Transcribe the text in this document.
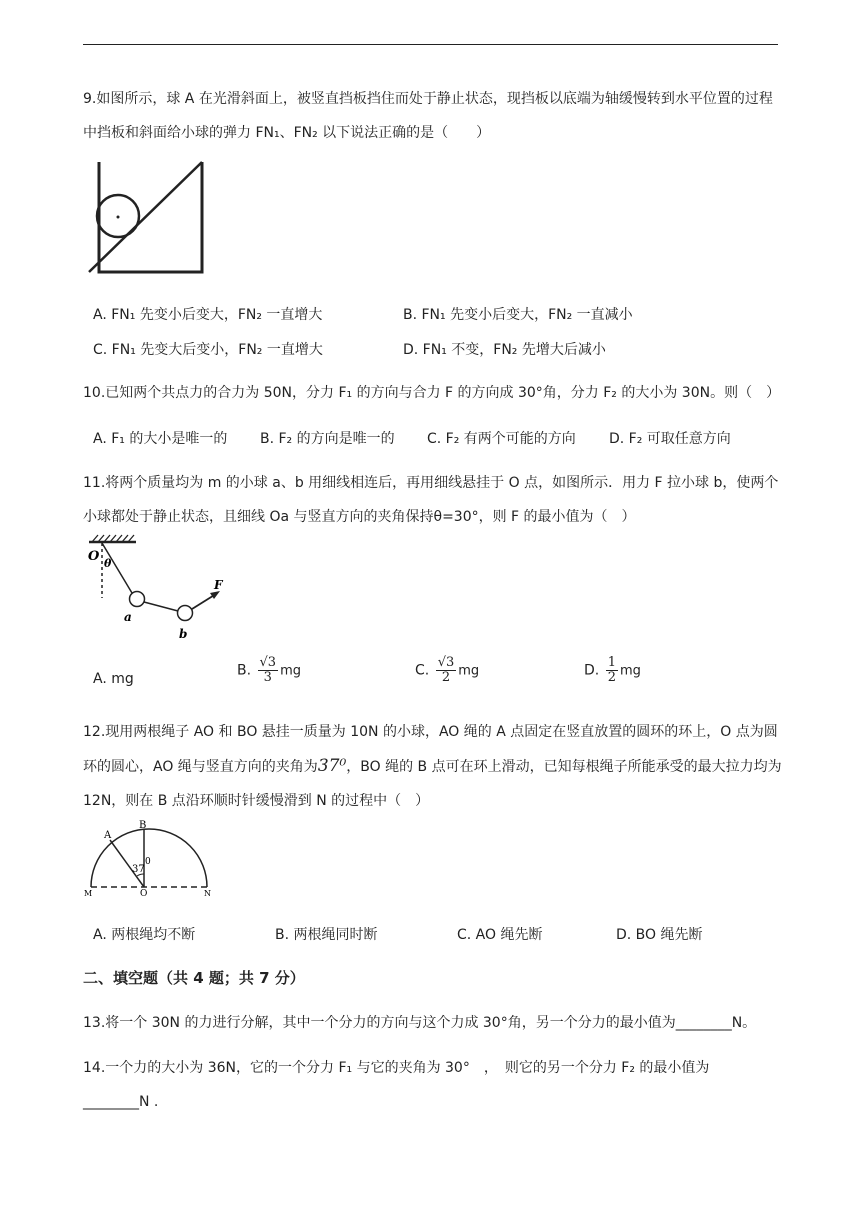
9.如图所示，球 A 在光滑斜面上，被竖直挡板挡住而处于静止状态，现挡板以底端为轴缓慢转到水平位置的过程中挡板和斜面给小球的弹力 FN₁、FN₂ 以下说法正确的是（　　）
A. FN₁ 先变小后变大，FN₂ 一直增大	B. FN₁ 先变小后变大，FN₂ 一直减小
C. FN₁ 先变大后变小，FN₂ 一直增大	D. FN₁ 不变，FN₂ 先增大后减小
10.已知两个共点力的合力为 50N，分力 F₁ 的方向与合力 F 的方向成 30°角，分力 F₂ 的大小为 30N。则（　）
A. F₁ 的大小是唯一的 B. F₂ 的方向是唯一的 C. F₂ 有两个可能的方向 D. F₂ 可取任意方向
11.将两个质量均为 m 的小球 a、b 用细线相连后，再用细线悬挂于 O 点，如图所示．用力 F 拉小球 b，使两个小球都处于静止状态，且细线 Oa 与竖直方向的夹角保持θ=30°，则 F 的最小值为（　）
O θ
a
b
F
A. mg
B. $\frac{√3}{3}$ mg	C. $\frac{√3}{2}$ mg	D. $\frac{1}{2}$ mg
12.现用两根绳子 AO 和 BO 悬挂一质量为 10N 的小球，AO 绳的 A 点固定在竖直放置的圆环的环上，O 点为圆环的圆心，AO 绳与竖直方向的夹角为37⁰，BO 绳的 B 点可在环上滑动，已知每根绳子所能承受的最大拉力均为 12N，则在 B 点沿环顺时针缓慢滑到 N 的过程中（　）
A
B
0
37
M	O	N
A. 两根绳均不断	B. 两根绳同时断	C. AO 绳先断	D. BO 绳先断
二、填空题（共 4 题；共 7 分）
13.将一个 30N 的力进行分解，其中一个分力的方向与这个力成 30°角，另一个分力的最小值为________N。
14.一个力的大小为 36N，它的一个分力 F₁ 与它的夹角为 30°　，　则它的另一个分力 F₂ 的最小值为
________N .
